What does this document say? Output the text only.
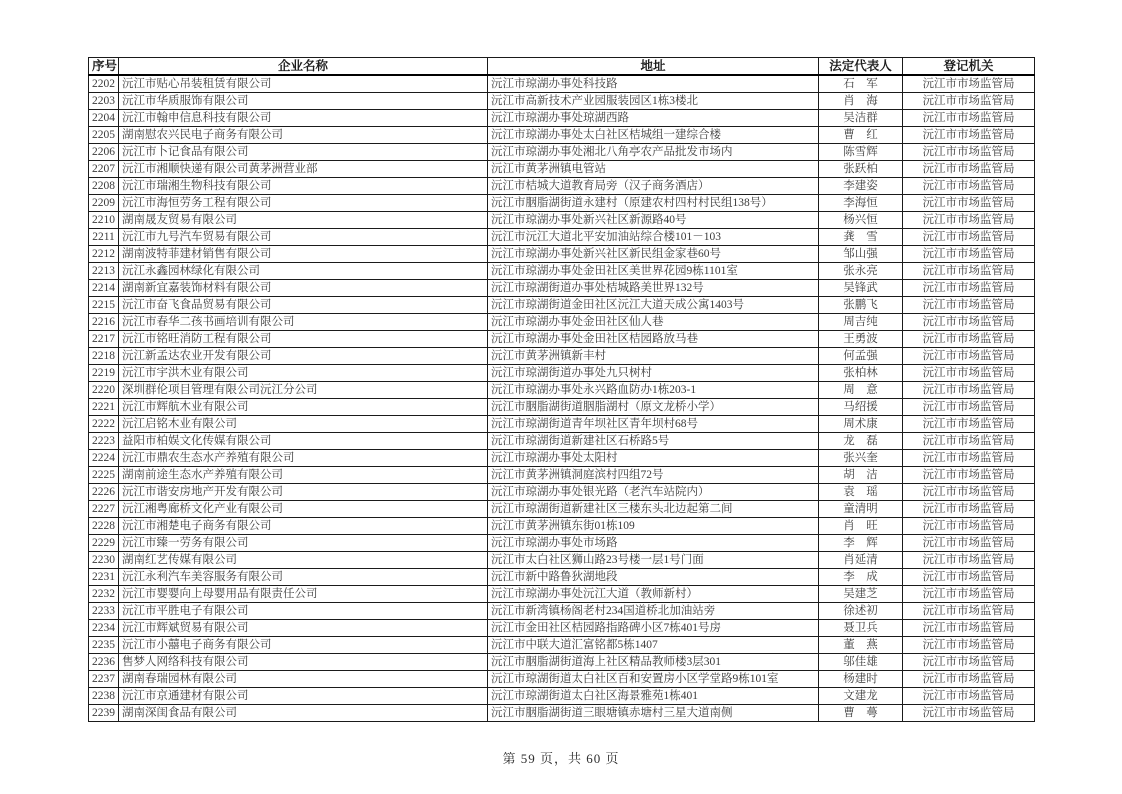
序号	企业名称	地址	法定代表人	登记机关
2202	沅江市贴心吊装租赁有限公司	沅江市琼湖办事处科技路	石　军	沅江市市场监管局
2203	沅江市华质服饰有限公司	沅江市高新技术产业园服装园区1栋3楼北	肖　海	沅江市市场监管局
2204	沅江市翰申信息科技有限公司	沅江市琼湖办事处琼湖西路	吴洁群	沅江市市场监管局
2205	湖南慰农兴民电子商务有限公司	沅江市琼湖办事处太白社区桔城组一建综合楼	曹　红	沅江市市场监管局
2206	沅江市卜记食品有限公司	沅江市琼湖办事处湘北八角亭农产品批发市场内	陈雪辉	沅江市市场监管局
2207	沅江市湘顺快递有限公司黄茅洲营业部	沅江市黄茅洲镇电管站	张跃柏	沅江市市场监管局
2208	沅江市瑞湘生物科技有限公司	沅江市桔城大道教育局旁（汉子商务酒店）	李建姿	沅江市市场监管局
2209	沅江市海恒劳务工程有限公司	沅江市胭脂湖街道永建村（原建农村四村村民组138号）	李海恒	沅江市市场监管局
2210	湖南晟友贸易有限公司	沅江市琼湖办事处新兴社区新源路40号	杨兴恒	沅江市市场监管局
2211	沅江市九号汽车贸易有限公司	沅江市沅江大道北平安加油站综合楼101－103	龚　雪	沅江市市场监管局
2212	湖南波特菲建材销售有限公司	沅江市琼湖办事处新兴社区新民组金家巷60号	邹山强	沅江市市场监管局
2213	沅江永鑫园林绿化有限公司	沅江市琼湖办事处金田社区美世界花园9栋1101室	张永亮	沅江市市场监管局
2214	湖南新宜嘉装饰材料有限公司	沅江市琼湖街道办事处桔城路美世界132号	吴锋武	沅江市市场监管局
2215	沅江市奋飞食品贸易有限公司	沅江市琼湖街道金田社区沅江大道天成公寓1403号	张鹏飞	沅江市市场监管局
2216	沅江市春华二孩书画培训有限公司	沅江市琼湖办事处金田社区仙人巷	周吉纯	沅江市市场监管局
2217	沅江市铭旺消防工程有限公司	沅江市琼湖办事处金田社区桔园路放马巷	王勇波	沅江市市场监管局
2218	沅江新孟达农业开发有限公司	沅江市黄茅洲镇新丰村	何孟强	沅江市市场监管局
2219	沅江市宇洪木业有限公司	沅江市琼湖街道办事处九只树村	张柏林	沅江市市场监管局
2220	深圳群伦项目管理有限公司沅江分公司	沅江市琼湖办事处永兴路血防办1栋203-1	周　意	沅江市市场监管局
2221	沅江市辉航木业有限公司	沅江市胭脂湖街道胭脂湖村（原文龙桥小学）	马绍援	沅江市市场监管局
2222	沅江启铭木业有限公司	沅江市琼湖街道青年坝社区青年坝村68号	周术康	沅江市市场监管局
2223	益阳市柏娱文化传媒有限公司	沅江市琼湖街道新建社区石桥路5号	龙　磊	沅江市市场监管局
2224	沅江市鼎农生态水产养殖有限公司	沅江市琼湖办事处太阳村	张兴奎	沅江市市场监管局
2225	湖南前途生态水产养殖有限公司	沅江市黄茅洲镇洞庭滨村四组72号	胡　洁	沅江市市场监管局
2226	沅江市谐安房地产开发有限公司	沅江市琼湖办事处银光路（老汽车站院内）	袁　瑶	沅江市市场监管局
2227	沅江湘粤廊桥文化产业有限公司	沅江市琼湖街道新建社区三楼东头北边起第二间	童清明	沅江市市场监管局
2228	沅江市湘楚电子商务有限公司	沅江市黄茅洲镇东街01栋109	肖　旺	沅江市市场监管局
2229	沅江市臻一劳务有限公司	沅江市琼湖办事处市场路	李　辉	沅江市市场监管局
2230	湖南红艺传媒有限公司	沅江市太白社区狮山路23号楼一层1号门面	肖延清	沅江市市场监管局
2231	沅江永利汽车美容服务有限公司	沅江市新中路鲁狄湖地段	李　成	沅江市市场监管局
2232	沅江市婴婴向上母婴用品有限责任公司	沅江市琼湖办事处沅江大道（教师新村）	吴建芝	沅江市市场监管局
2233	沅江市平胜电子有限公司	沅江市新湾镇杨阁老村234国道桥北加油站旁	徐述初	沅江市市场监管局
2234	沅江市辉斌贸易有限公司	沅江市金田社区桔园路指路碑小区7栋401号房	聂卫兵	沅江市市场监管局
2235	沅江市小囍电子商务有限公司	沅江市中联大道汇富铭都5栋1407	董　燕	沅江市市场监管局
2236	售梦人网络科技有限公司	沅江市胭脂湖街道海上社区精品教师楼3层301	邬佳雄	沅江市市场监管局
2237	湖南春瑞园林有限公司	沅江市琼湖街道太白社区百和安置房小区学堂路9栋101室	杨建时	沅江市市场监管局
2238	沅江市京通建材有限公司	沅江市琼湖街道太白社区海景雅苑1栋401	文建龙	沅江市市场监管局
2239	湖南深闺食品有限公司	沅江市胭脂湖街道三眼塘镇赤塘村三星大道南侧	曹　蕚	沅江市市场监管局
第 59 页，共 60 页
